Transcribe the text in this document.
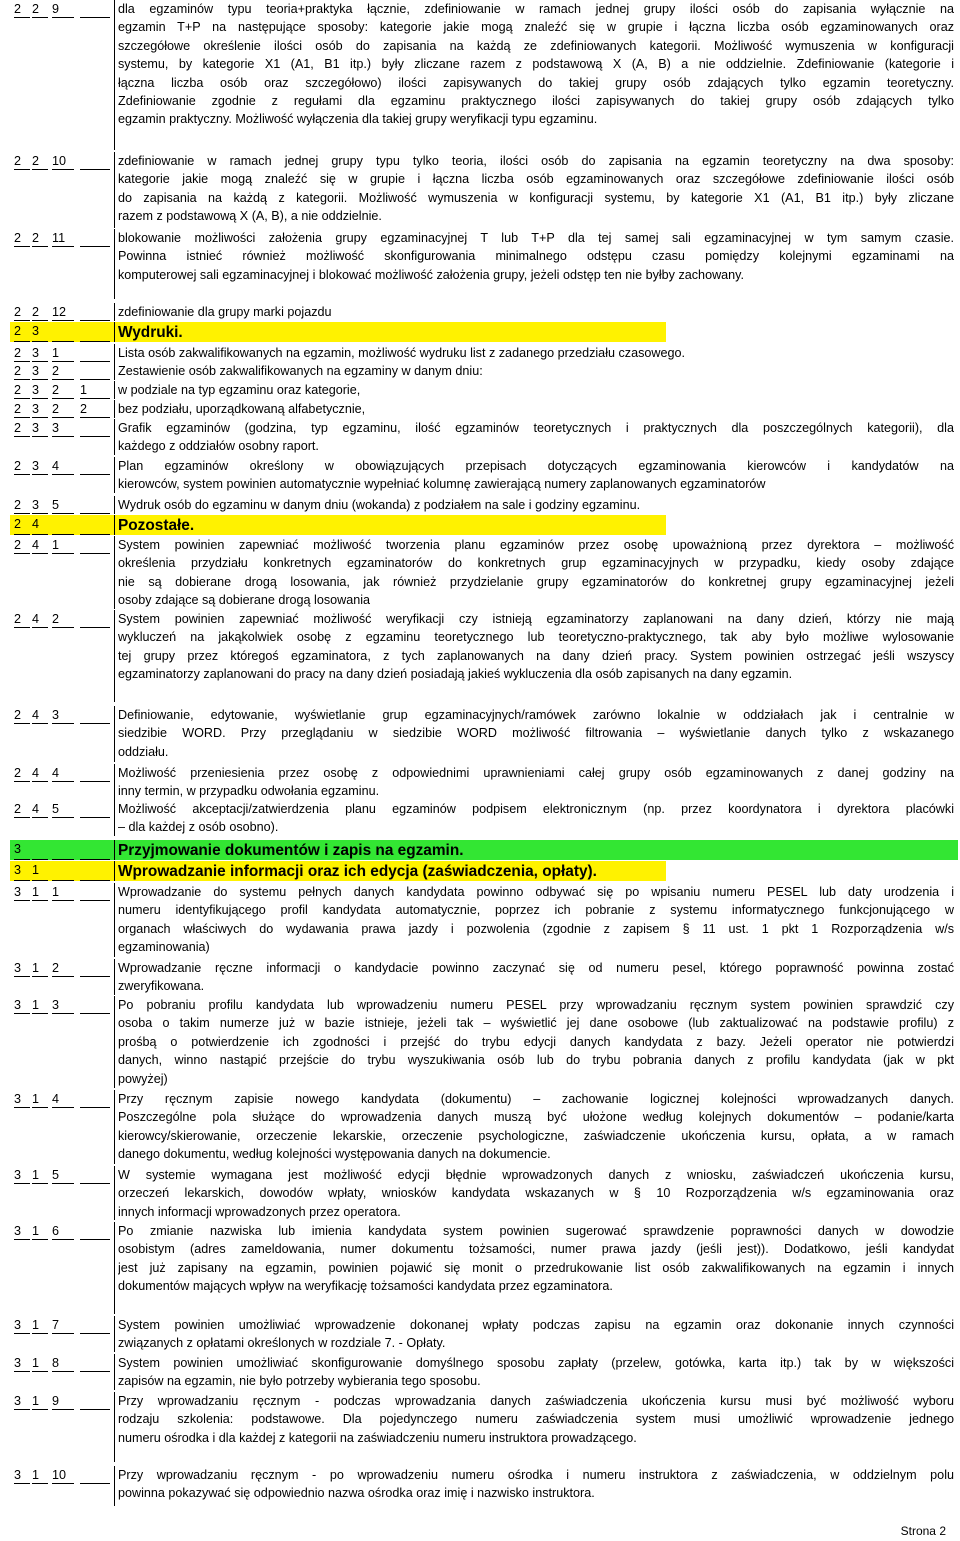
2 2	9	dla egzaminów typu teoria+praktyka łącznie, zdefiniowanie w ramach jednej grupy ilości osób do zapisania wyłącznie na
egzamin T+P na następujące sposoby: kategorie jakie mogą znaleźć się w grupie i łączna liczba osób egzaminowanych oraz
szczegółowe określenie ilości osób do zapisania na każdą ze zdefiniowanych kategorii. Możliwość wymuszenia w konfiguracji
systemu, by kategorie X1 (A1, B1 itp.) były zliczane razem z podstawową X (A, B) a nie oddzielnie. Zdefiniowanie (kategorie i
łączna liczba osób oraz szczegółowo) ilości zapisywanych do takiej grupy osób zdających tylko egzamin teoretyczny.
Zdefiniowanie zgodnie z regułami dla egzaminu praktycznego ilości zapisywanych do takiej grupy osób zdających tylko
egzamin praktyczny. Możliwość wyłączenia dla takiej grupy weryfikacji typu egzaminu.
2 2	10	zdefiniowanie w ramach jednej grupy typu tylko teoria, ilości osób do zapisania na egzamin teoretyczny na dwa sposoby:
kategorie jakie mogą znaleźć się w grupie i łączna liczba osób egzaminowanych oraz szczegółowe zdefiniowanie ilości osób
do zapisania na każdą z kategorii. Możliwość wymuszenia w konfiguracji systemu, by kategorie X1 (A1, B1 itp.) były zliczane
razem z podstawową X (A, B), a nie oddzielnie.
2 2	11	blokowanie możliwości założenia grupy egzaminacyjnej T lub T+P dla tej samej sali egzaminacyjnej w tym samym czasie.
Powinna istnieć również możliwość skonfigurowania minimalnego odstępu czasu pomiędzy kolejnymi egzaminami na
komputerowej sali egzaminacyjnej i blokować możliwość założenia grupy, jeżeli odstęp ten nie byłby zachowany.
2 2	12	zdefiniowanie dla grupy marki pojazdu
2 3	Wydruki.
2 3	1	Lista osób zakwalifikowanych na egzamin, możliwość wydruku list z zadanego przedziału czasowego.
2 3	2	Zestawienie osób zakwalifikowanych na egzaminy w danym dniu:
2 3	2	1	w podziale na typ egzaminu oraz kategorie,
2 3	2	2	bez podziału, uporządkowaną alfabetycznie,
2 3	3	Grafik egzaminów (godzina, typ egzaminu, ilość egzaminów teoretycznych i praktycznych dla poszczególnych kategorii), dla
każdego z oddziałów osobny raport.
2 3	4	Plan egzaminów określony w obowiązujących przepisach dotyczących egzaminowania kierowców i kandydatów na
kierowców, system powinien automatycznie wypełniać kolumnę zawierającą numery zaplanowanych egzaminatorów
2 3	5	Wydruk osób do egzaminu w danym dniu (wokanda) z podziałem na sale i godziny egzaminu.
2 4	Pozostałe.
2 4	1	System powinien zapewniać możliwość tworzenia planu egzaminów przez osobę upoważnioną przez dyrektora – możliwość
określenia przydziału konkretnych egzaminatorów do konkretnych grup egzaminacyjnych w przypadku, kiedy osoby zdające
nie są dobierane drogą losowania, jak również przydzielanie grupy egzaminatorów do konkretnej grupy egzaminacyjnej jeżeli
osoby zdające są dobierane drogą losowania
2 4	2	System powinien zapewniać możliwość weryfikacji czy istnieją egzaminatorzy zaplanowani na dany dzień, którzy nie mają
wykluczeń na jakąkolwiek osobę z egzaminu teoretycznego lub teoretyczno-praktycznego, tak aby było możliwe wylosowanie
tej grupy przez któregoś egzaminatora, z tych zaplanowanych na dany dzień pracy. System powinien ostrzegać jeśli wszyscy
egzaminatorzy zaplanowani do pracy na dany dzień posiadają jakieś wykluczenia dla osób zapisanych na dany egzamin.
2 4	3	Definiowanie, edytowanie, wyświetlanie grup egzaminacyjnych/ramówek zarówno lokalnie w oddziałach jak i centralnie w
siedzibie WORD. Przy przeglądaniu w siedzibie WORD możliwość filtrowania – wyświetlanie danych tylko z wskazanego
oddziału.
2 4	4	Możliwość przeniesienia przez osobę z odpowiednimi uprawnieniami całej grupy osób egzaminowanych z danej godziny na
inny termin, w przypadku odwołania egzaminu.
2 4	5	Możliwość akceptacji/zatwierdzenia planu egzaminów podpisem elektronicznym (np. przez koordynatora i dyrektora placówki
– dla każdej z osób osobno).
3	Przyjmowanie dokumentów i zapis na egzamin.
3 1	Wprowadzanie informacji oraz ich edycja (zaświadczenia, opłaty).
3 1	1	Wprowadzanie do systemu pełnych danych kandydata powinno odbywać się po wpisaniu numeru PESEL lub daty urodzenia i
numeru identyfikującego profil kandydata automatycznie, poprzez ich pobranie z systemu informatycznego funkcjonującego w
organach właściwych do wydawania prawa jazdy i pozwolenia (zgodnie z zapisem § 11 ust. 1 pkt 1 Rozporządzenia w/s
egzaminowania)
3 1	2	Wprowadzanie ręczne informacji o kandydacie powinno zaczynać się od numeru pesel, którego poprawność powinna zostać
zweryfikowana.
3 1	3	Po pobraniu profilu kandydata lub wprowadzeniu numeru PESEL przy wprowadzaniu ręcznym system powinien sprawdzić czy
osoba o takim numerze już w bazie istnieje, jeżeli tak – wyświetlić jej dane osobowe (lub zaktualizować na podstawie profilu) z
prośbą o potwierdzenie ich zgodności i przejść do trybu edycji danych kandydata z bazy. Jeżeli operator nie potwierdzi
danych, winno nastąpić przejście do trybu wyszukiwania osób lub do trybu pobrania danych z profilu kandydata (jak w pkt
powyżej)
3 1	4	Przy ręcznym zapisie nowego kandydata (dokumentu) – zachowanie logicznej kolejności wprowadzanych danych.
Poszczególne pola służące do wprowadzenia danych muszą być ułożone według kolejnych dokumentów – podanie/karta
kierowcy/skierowanie, orzeczenie lekarskie, orzeczenie psychologiczne, zaświadczenie ukończenia kursu, opłata, a w ramach
danego dokumentu, według kolejności występowania danych na dokumencie.
3 1	5	W systemie wymagana jest możliwość edycji błędnie wprowadzonych danych z wniosku, zaświadczeń ukończenia kursu,
orzeczeń lekarskich, dowodów wpłaty, wniosków kandydata wskazanych w § 10 Rozporządzenia w/s egzaminowania oraz
innych informacji wprowadzonych przez operatora.
3 1	6	Po zmianie nazwiska lub imienia kandydata system powinien sugerować sprawdzenie poprawności danych w dowodzie
osobistym (adres zameldowania, numer dokumentu tożsamości, numer prawa jazdy (jeśli jest)). Dodatkowo, jeśli kandydat
jest już zapisany na egzamin, powinien pojawić się monit o przedrukowanie list osób zakwalifikowanych na egzamin i innych
dokumentów mających wpływ na weryfikację tożsamości kandydata przez egzaminatora.
3 1	7	System powinien umożliwiać wprowadzenie dokonanej wpłaty podczas zapisu na egzamin oraz dokonanie innych czynności
związanych z opłatami określonych w rozdziale 7. - Opłaty.
3 1	8	System powinien umożliwiać skonfigurowanie domyślnego sposobu zapłaty (przelew, gotówka, karta itp.) tak by w większości
zapisów na egzamin, nie było potrzeby wybierania tego sposobu.
3 1	9	Przy wprowadzaniu ręcznym - podczas wprowadzania danych zaświadczenia ukończenia kursu musi być możliwość wyboru
rodzaju szkolenia: podstawowe. Dla pojedynczego numeru zaświadczenia system musi umożliwić wprowadzenie jednego
numeru ośrodka i dla każdej z kategorii na zaświadczeniu numeru instruktora prowadzącego.
3 1	10	Przy wprowadzaniu ręcznym - po wprowadzeniu numeru ośrodka i numeru instruktora z zaświadczenia, w oddzielnym polu
powinna pokazywać się odpowiednio nazwa ośrodka oraz imię i nazwisko instruktora.
Strona 2
